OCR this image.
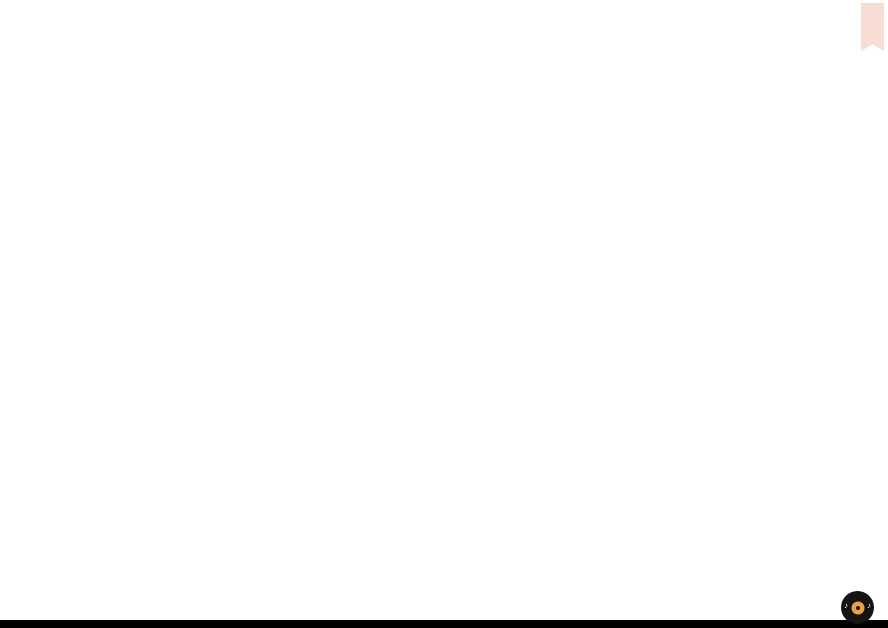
♪ ♪
